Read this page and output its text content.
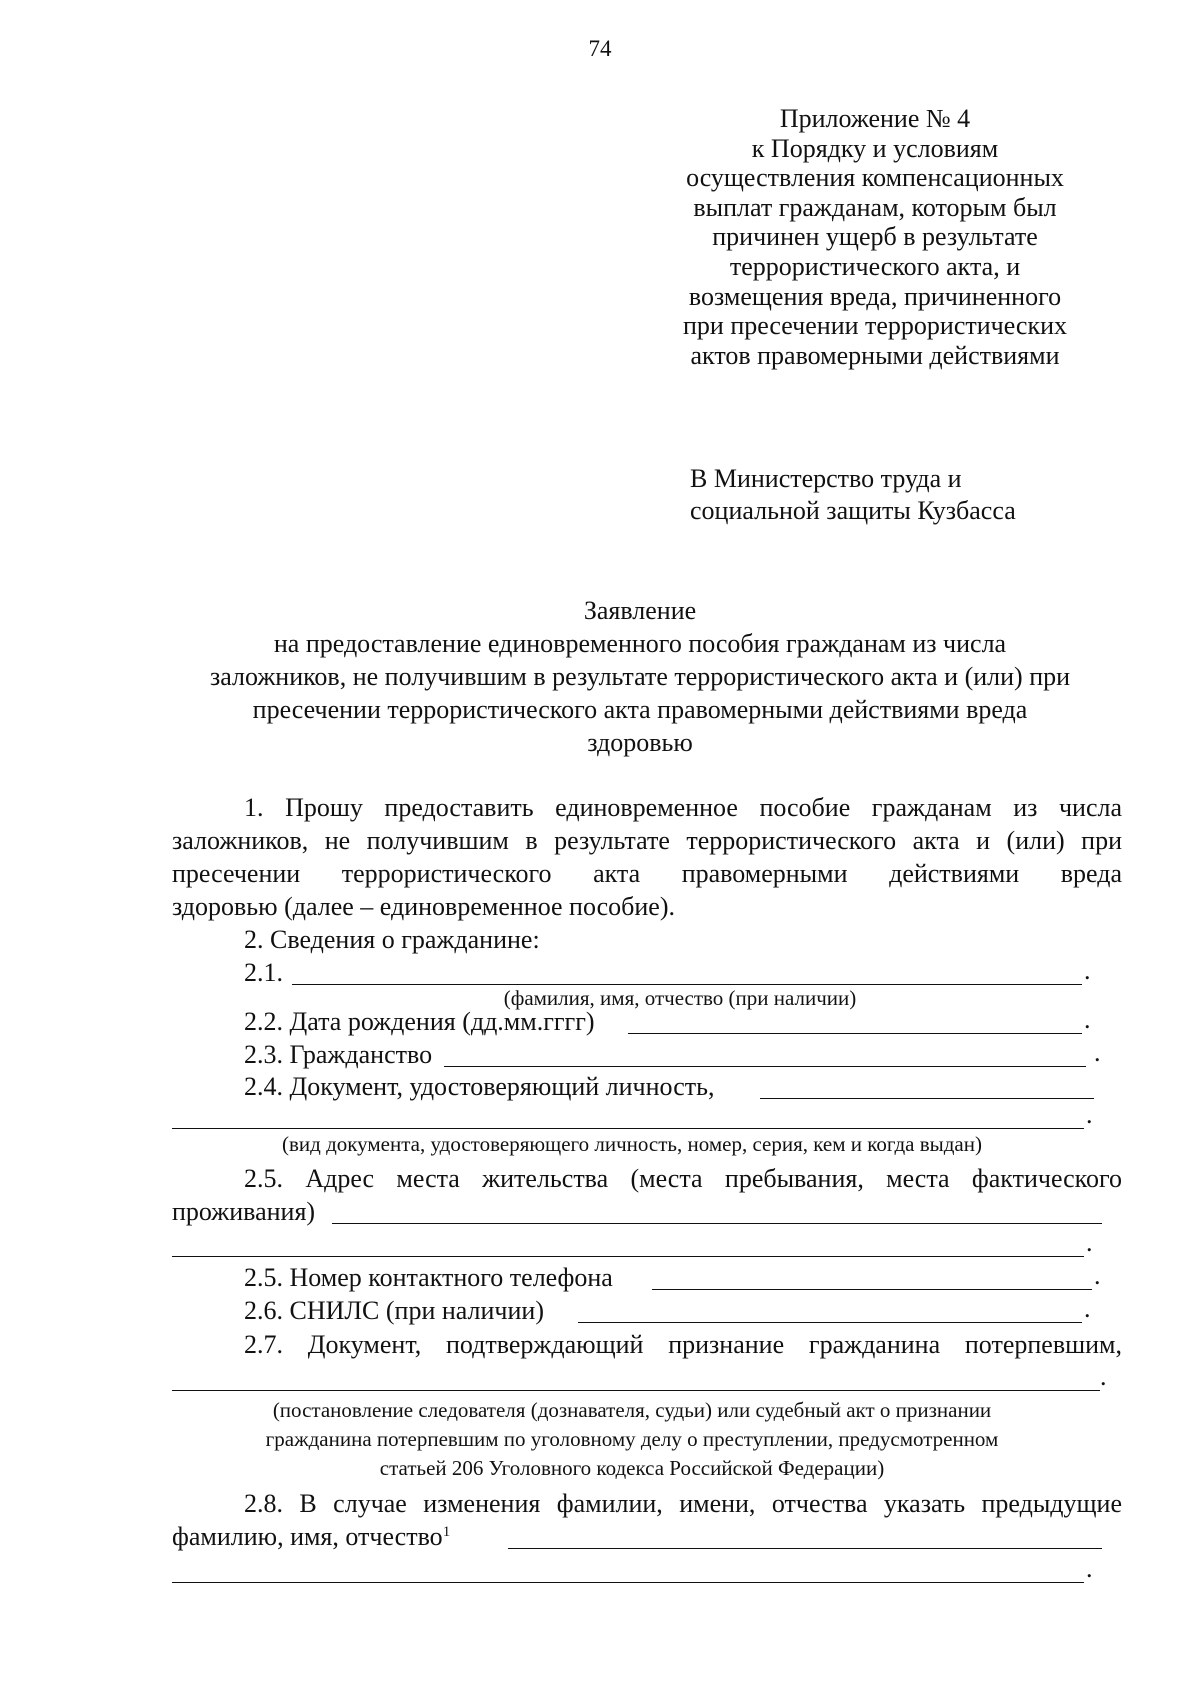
74
Приложение № 4
к Порядку и условиям
осуществления компенсационных
выплат гражданам, которым был
причинен ущерб в результате
террористического акта, и
возмещения вреда, причиненного
при пресечении террористических
актов правомерными действиями
В Министерство труда и
социальной защиты Кузбасса
Заявление
на предоставление единовременного пособия гражданам из числа
заложников, не получившим в результате террористического акта и (или) при
пресечении террористического акта правомерными действиями вреда
здоровью
1. Прошу предоставить единовременное пособие гражданам из числа
заложников, не получившим в результате террористического акта и (или) при
пресечении террористического акта правомерными действиями вреда
здоровью (далее – единовременное пособие).
2. Сведения о гражданине:
2.1.	.
(фамилия, имя, отчество (при наличии)
2.2. Дата рождения (дд.мм.гггг)	.
2.3. Гражданство	.
2.4. Документ, удостоверяющий личность,
.
(вид документа, удостоверяющего личность, номер, серия, кем и когда выдан)
2.5. Адрес места жительства (места пребывания, места фактического
проживания)
.
2.5. Номер контактного телефона	.
2.6. СНИЛС (при наличии)	.
2.7. Документ, подтверждающий признание гражданина потерпевшим,
.
(постановление следователя (дознавателя, судьи) или судебный акт о признании
гражданина потерпевшим по уголовному делу о преступлении, предусмотренном
статьей 206 Уголовного кодекса Российской Федерации)
2.8. В случае изменения фамилии, имени, отчества указать предыдущие
фамилию, имя, отчество$^1$
.
